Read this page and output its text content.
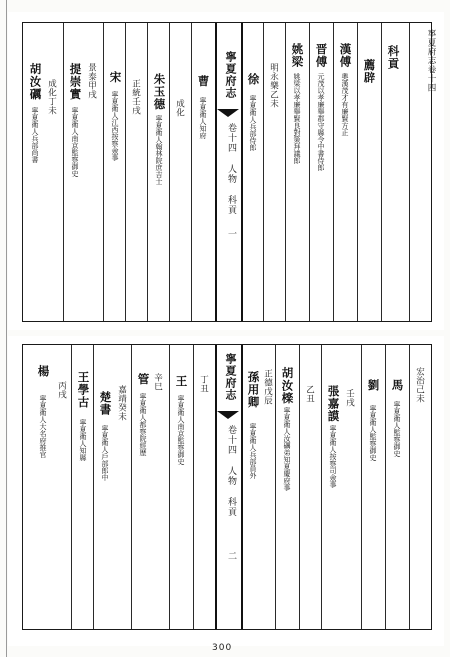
寧夏府志卷十四
科貢
薦辟
漢傅
奧漢茂才有廉賢方正
晋傅
元茂以孝廉舉郡守縣令中書侍郎
姚梁
姚梁以孝廉舉賢良對策拜議郎
明永樂乙未
徐
寧夏衛人兵部侍郎
寧夏府志
卷十四 人物 科貢
一
曹
寧夏衛人知府
成化
朱玉德
寧夏衛人翰林院庶吉士
正統壬戌
宋
寧夏衛人江西按察僉事
景泰甲戌
提崇實
寧夏衛人南京監察御史
成化丁未
胡汝礪
寧夏衛人兵部尚書
宏治己未
馬
寧夏衛人監察御史
劉
寧夏衛人監察御史
壬戌
張嘉謨
寧夏衛人按察司僉事
乙丑
胡汝檪
寧夏衛人汝礪弟知夏慶府事
正德戊辰
孫用卿
寧夏衛人兵部員外
寧夏府志
卷十四 人物 科貢
二
丁丑
王
寧夏衛人南京監察御史
辛巳
管
寧夏衛人都察院經歷
嘉靖癸未
楚書
寧夏衛人戶部郎中
王學古
寧夏衛人知縣
丙戌
楊
寧夏衛人大名府推官
300
